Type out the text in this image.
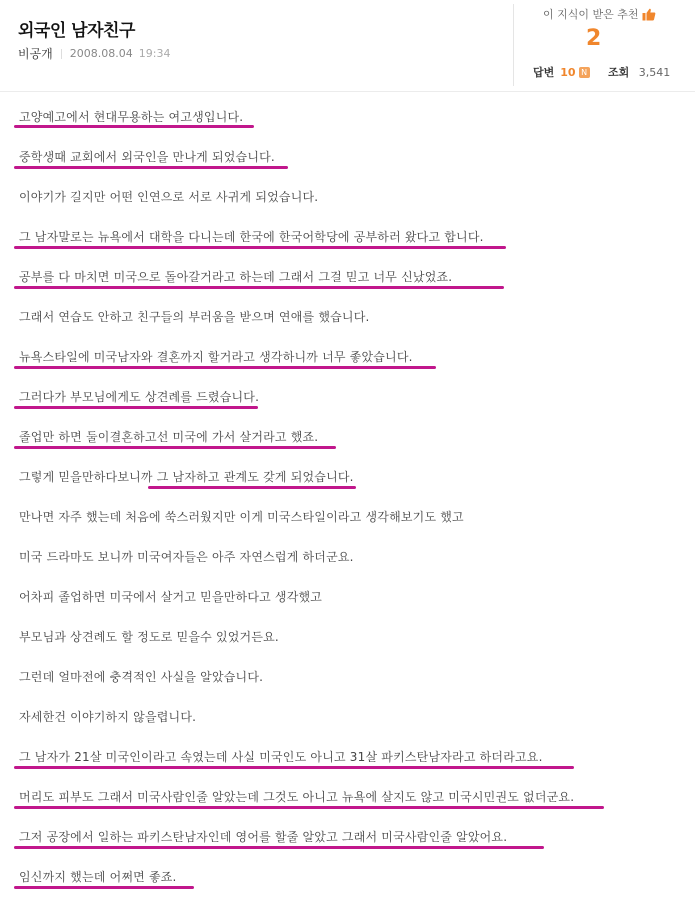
외국인 남자친구
비공개 2008.08.04 19:34
이 지식이 받은 추천
2
답변 10 N 조회 3,541
고양예고에서 현대무용하는 여고생입니다.
중학생때 교회에서 외국인을 만나게 되었습니다.
이야기가 길지만 어떤 인연으로 서로 사귀게 되었습니다.
그 남자말로는 뉴욕에서 대학을 다니는데 한국에 한국어학당에 공부하러 왔다고 합니다.
공부를 다 마치면 미국으로 돌아갈거라고 하는데 그래서 그걸 믿고 너무 신났었죠.
그래서 연습도 안하고 친구들의 부러움을 받으며 연애를 했습니다.
뉴욕스타일에 미국남자와 결혼까지 할거라고 생각하니까 너무 좋았습니다.
그러다가 부모님에게도 상견례를 드렸습니다.
졸업만 하면 둘이결혼하고선 미국에 가서 살거라고 했죠.
그렇게 믿을만하다보니까 그 남자하고 관계도 갖게 되었습니다.
만나면 자주 했는데 처음에 쑥스러웠지만 이게 미국스타일이라고 생각해보기도 했고
미국 드라마도 보니까 미국여자들은 아주 자연스럽게 하더군요.
어차피 졸업하면 미국에서 살거고 믿을만하다고 생각했고
부모님과 상견례도 할 정도로 믿을수 있었거든요.
그런데 얼마전에 충격적인 사실을 알았습니다.
자세한건 이야기하지 않을렵니다.
그 남자가 21살 미국인이라고 속였는데 사실 미국인도 아니고 31살 파키스탄남자라고 하더라고요.
머리도 피부도 그래서 미국사람인줄 알았는데 그것도 아니고 뉴욕에 살지도 않고 미국시민권도 없더군요.
그저 공장에서 일하는 파키스탄남자인데 영어를 할줄 알았고 그래서 미국사람인줄 알았어요.
임신까지 했는데 어쩌면 좋죠.
